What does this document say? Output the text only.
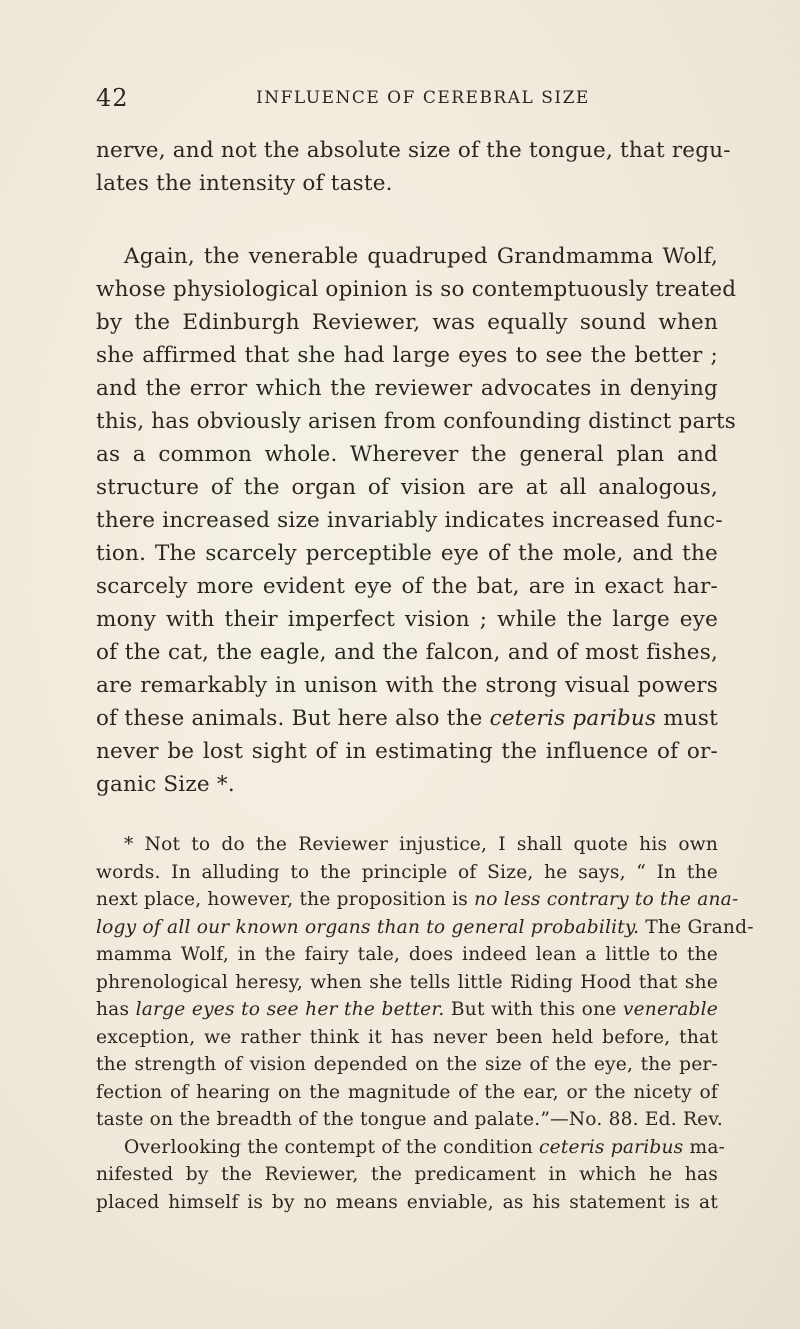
42	INFLUENCE OF CEREBRAL SIZE
nerve, and not the absolute size of the tongue, that regu-
lates the intensity of taste.
Again, the venerable quadruped Grandmamma Wolf,
whose physiological opinion is so contemptuously treated
by the Edinburgh Reviewer, was equally sound when
she affirmed that she had large eyes to see the better ;
and the error which the reviewer advocates in denying
this, has obviously arisen from confounding distinct parts
as a common whole. Wherever the general plan and
structure of the organ of vision are at all analogous,
there increased size invariably indicates increased func-
tion. The scarcely perceptible eye of the mole, and the
scarcely more evident eye of the bat, are in exact har-
mony with their imperfect vision ; while the large eye
of the cat, the eagle, and the falcon, and of most fishes,
are remarkably in unison with the strong visual powers
of these animals. But here also the ceteris paribus must
never be lost sight of in estimating the influence of or-
ganic Size *.
* Not to do the Reviewer injustice, I shall quote his own
words. In alluding to the principle of Size, he says, “ In the
next place, however, the proposition is no less contrary to the ana-
logy of all our known organs than to general probability. The Grand-
mamma Wolf, in the fairy tale, does indeed lean a little to the
phrenological heresy, when she tells little Riding Hood that she
has large eyes to see her the better. But with this one venerable
exception, we rather think it has never been held before, that
the strength of vision depended on the size of the eye, the per-
fection of hearing on the magnitude of the ear, or the nicety of
taste on the breadth of the tongue and palate.”—No. 88. Ed. Rev.
Overlooking the contempt of the condition ceteris paribus ma-
nifested by the Reviewer, the predicament in which he has
placed himself is by no means enviable, as his statement is at
